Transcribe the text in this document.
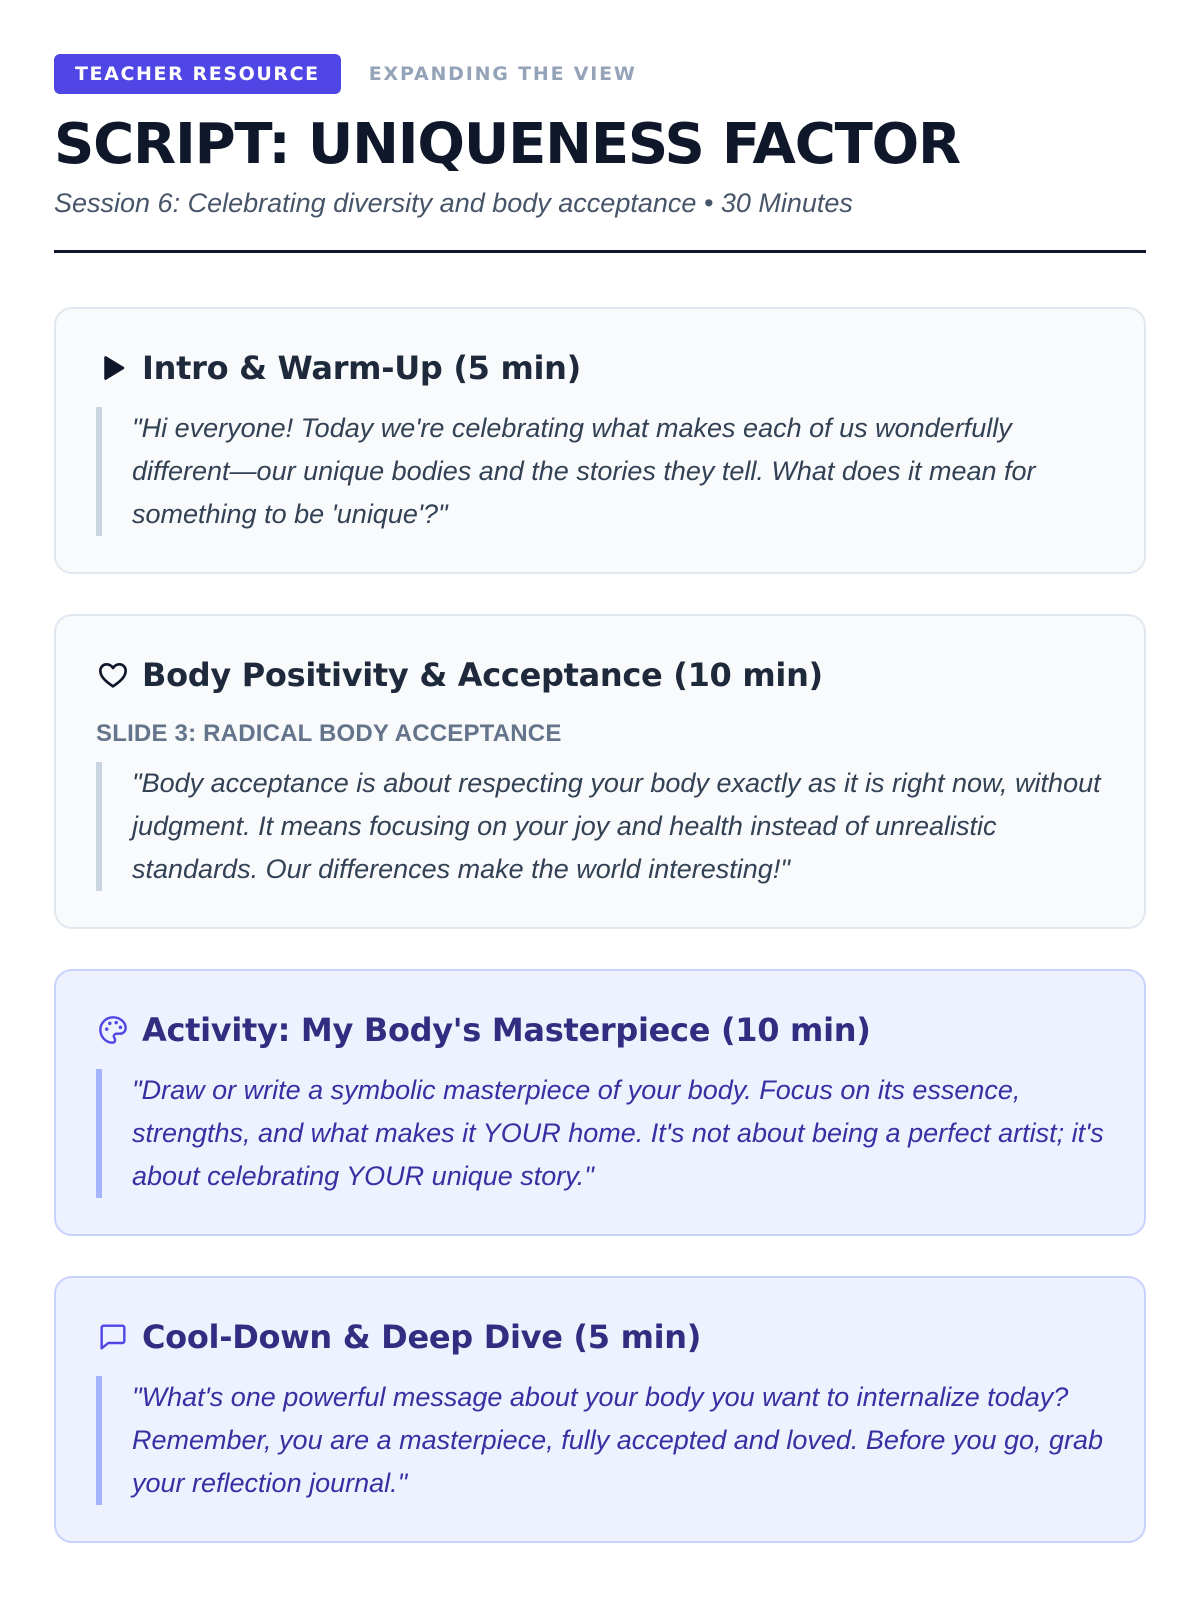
TEACHER RESOURCE	EXPANDING THE VIEW
SCRIPT: UNIQUENESS FACTOR

Session 6: Celebrating diversity and body acceptance • 30 Minutes

Intro & Warm-Up (5 min)
"Hi everyone! Today we're celebrating what makes each of us wonderfully different—our unique bodies and the stories they tell. What does it mean for something to be 'unique'?"
Body Positivity & Acceptance (10 min)
SLIDE 3: RADICAL BODY ACCEPTANCE
"Body acceptance is about respecting your body exactly as it is right now, without judgment. It means focusing on your joy and health instead of unrealistic standards. Our differences make the world interesting!"
Activity: My Body's Masterpiece (10 min)
"Draw or write a symbolic masterpiece of your body. Focus on its essence, strengths, and what makes it YOUR home. It's not about being a perfect artist; it's about celebrating YOUR unique story."
Cool-Down & Deep Dive (5 min)
"What's one powerful message about your body you want to internalize today? Remember, you are a masterpiece, fully accepted and loved. Before you go, grab your reflection journal."
